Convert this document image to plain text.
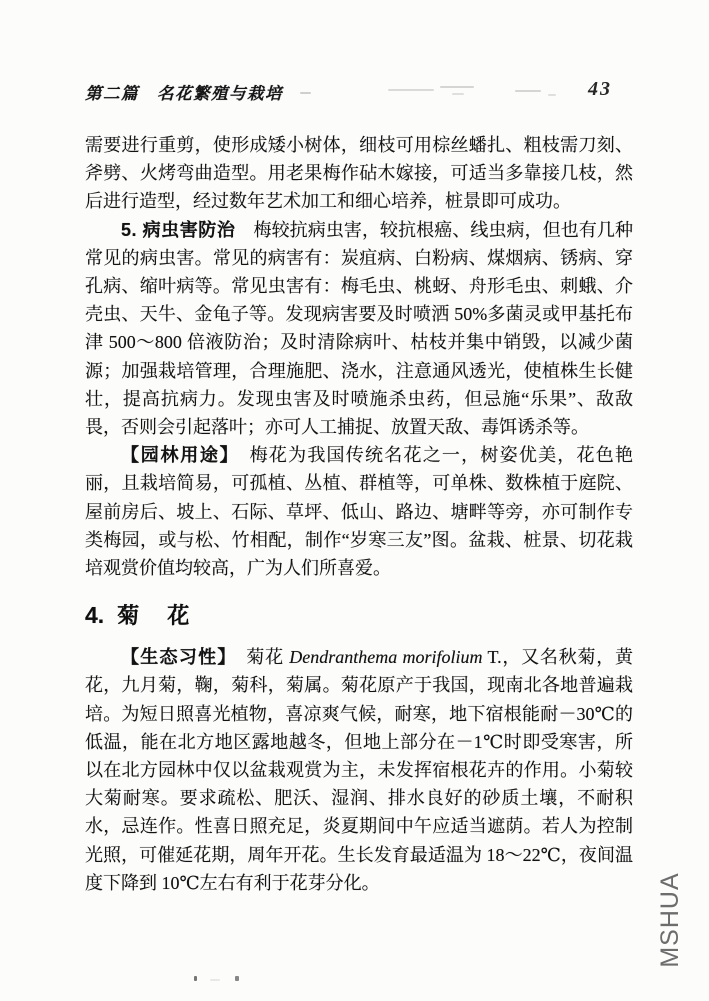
第二篇　名花繁殖与栽培	43

需要进行重剪，使形成矮小树体，细枝可用棕丝蟠扎、粗枝需刀刻、斧劈、火烤弯曲造型。用老果梅作砧木嫁接，可适当多靠接几枝，然后进行造型，经过数年艺术加工和细心培养，桩景即可成功。

5. 病虫害防治　梅较抗病虫害，较抗根癌、线虫病，但也有几种常见的病虫害。常见的病害有：炭疽病、白粉病、煤烟病、锈病、穿孔病、缩叶病等。常见虫害有：梅毛虫、桃蚜、舟形毛虫、刺蛾、介壳虫、天牛、金龟子等。发现病害要及时喷洒 50%多菌灵或甲基托布津 500～800 倍液防治；及时清除病叶、枯枝并集中销毁，以减少菌源；加强栽培管理，合理施肥、浇水，注意通风透光，使植株生长健壮，提高抗病力。发现虫害及时喷施杀虫药，但忌施“乐果”、敌敌畏，否则会引起落叶；亦可人工捕捉、放置天敌、毒饵诱杀等。

【园林用途】　梅花为我国传统名花之一，树姿优美，花色艳丽，且栽培简易，可孤植、丛植、群植等，可单株、数株植于庭院、屋前房后、坡上、石际、草坪、低山、路边、塘畔等旁，亦可制作专类梅园，或与松、竹相配，制作“岁寒三友”图。盆栽、桩景、切花栽培观赏价值均较高，广为人们所喜爱。

4. 菊　花

【生态习性】　菊花 Dendranthema morifolium T.，又名秋菊，黄花，九月菊，鞠，菊科，菊属。菊花原产于我国，现南北各地普遍栽培。为短日照喜光植物，喜凉爽气候，耐寒，地下宿根能耐－30℃的低温，能在北方地区露地越冬，但地上部分在－1℃时即受寒害，所以在北方园林中仅以盆栽观赏为主，未发挥宿根花卉的作用。小菊较大菊耐寒。要求疏松、肥沃、湿润、排水良好的砂质土壤，不耐积水，忌连作。性喜日照充足，炎夏期间中午应适当遮荫。若人为控制光照，可催延花期，周年开花。生长发育最适温为 18～22℃，夜间温度下降到 10℃左右有利于花芽分化。	MSHUA
